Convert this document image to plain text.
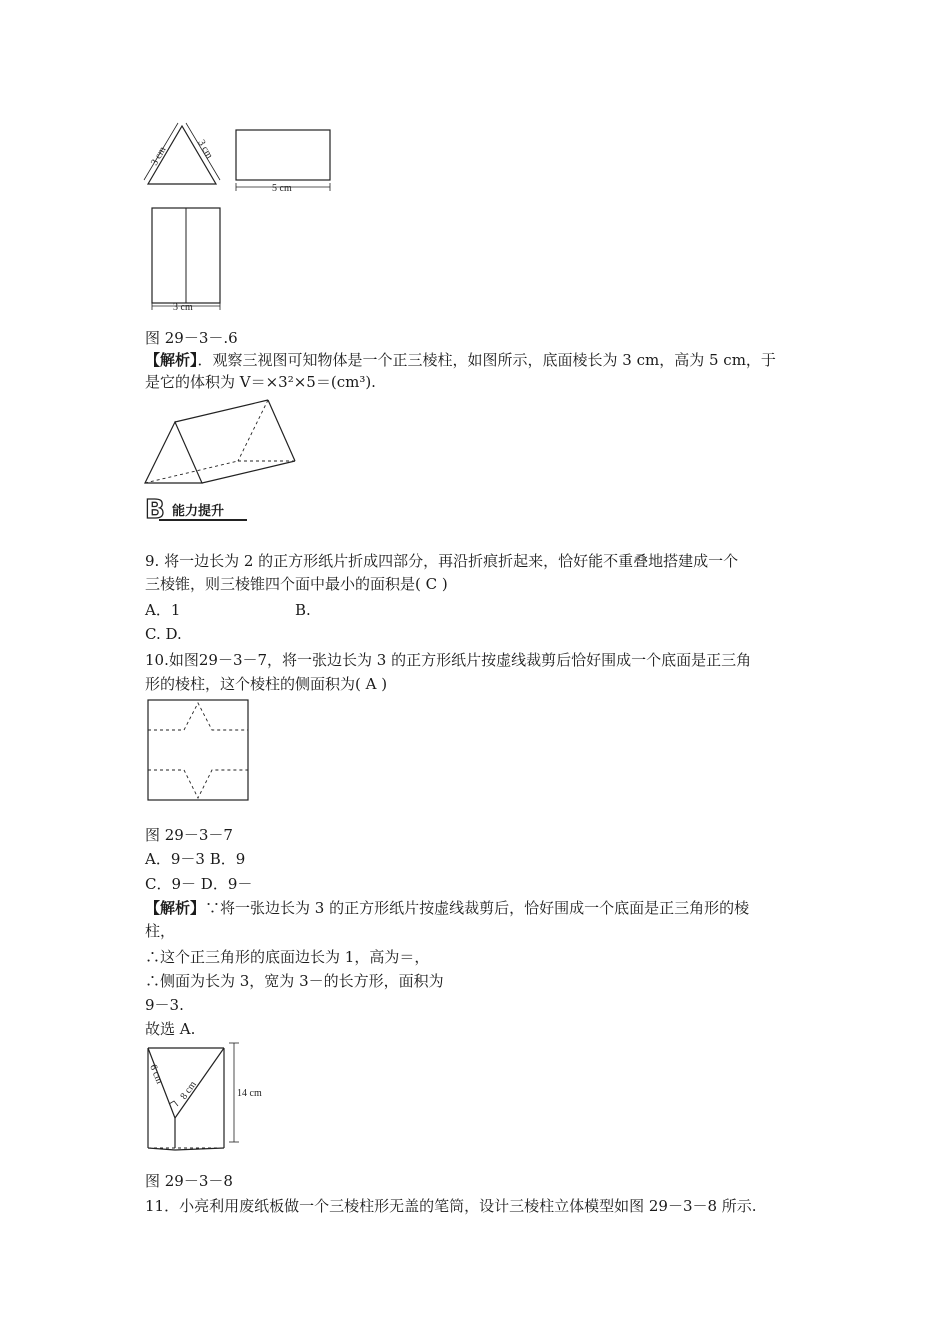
3 cm	3 cm
5 cm
3 cm
图 29－3－.6
【解析】．观察三视图可知物体是一个正三棱柱，如图所示，底面棱长为 3 cm，高为 5 cm，于
是它的体积为 V＝×3²×5＝(cm³).
B 能力提升
9. 将一边长为 2 的正方形纸片折成四部分，再沿折痕折起来，恰好能不重叠地搭建成一个
三棱锥，则三棱锥四个面中最小的面积是( C )
A．1	B.
C. D.
10.如图29－3－7，将一张边长为 3 的正方形纸片按虚线裁剪后恰好围成一个底面是正三角
形的棱柱，这个棱柱的侧面积为( A )
图 29－3－7
A．9－3 B．9
C．9－ D．9－
【解析】∵将一张边长为 3 的正方形纸片按虚线裁剪后，恰好围成一个底面是正三角形的棱
柱，
∴这个正三角形的底面边长为 1，高为＝，
∴侧面为长为 3，宽为 3－的长方形，面积为
9－3.
故选 A.
6 cm
8 cm	14 cm
图 29－3－8
11．小亮利用废纸板做一个三棱柱形无盖的笔筒，设计三棱柱立体模型如图 29－3－8 所示.
